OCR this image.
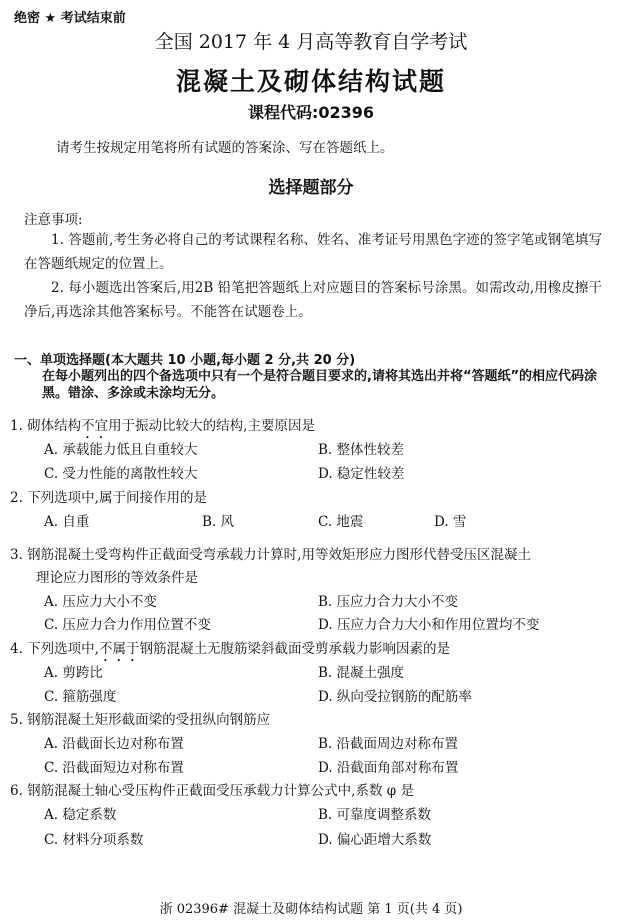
绝密 ★ 考试结束前
全国 2017 年 4 月高等教育自学考试
混凝土及砌体结构试题
课程代码:02396
请考生按规定用笔将所有试题的答案涂、写在答题纸上。
选择题部分
注意事项:
1. 答题前,考生务必将自己的考试课程名称、姓名、准考证号用黑色字迹的签字笔或钢笔填写在答题纸规定的位置上。
2. 每小题选出答案后,用2B 铅笔把答题纸上对应题目的答案标号涂黑。如需改动,用橡皮擦干净后,再选涂其他答案标号。不能答在试题卷上。
一、单项选择题(本大题共 10 小题,每小题 2 分,共 20 分)
在每小题列出的四个备选项中只有一个是符合题目要求的,请将其选出并将“答题纸”的相应代码涂黑。错涂、多涂或未涂均无分。
1. 砌体结构不宜用于振动比较大的结构,主要原因是
A. 承载能力低且自重较大	B. 整体性较差
C. 受力性能的离散性较大	D. 稳定性较差
2. 下列选项中,属于间接作用的是
A. 自重	B. 风	C. 地震	D. 雪
3. 钢筋混凝土受弯构件正截面受弯承载力计算时,用等效矩形应力图形代替受压区混凝土
理论应力图形的等效条件是
A. 压应力大小不变	B. 压应力合力大小不变
C. 压应力合力作用位置不变	D. 压应力合力大小和作用位置均不变
4. 下列选项中,不属于钢筋混凝土无腹筋梁斜截面受剪承载力影响因素的是
A. 剪跨比	B. 混凝土强度
C. 箍筋强度	D. 纵向受拉钢筋的配筋率
5. 钢筋混凝土矩形截面梁的受扭纵向钢筋应
A. 沿截面长边对称布置	B. 沿截面周边对称布置
C. 沿截面短边对称布置	D. 沿截面角部对称布置
6. 钢筋混凝土轴心受压构件正截面受压承载力计算公式中,系数 φ 是
A. 稳定系数	B. 可靠度调整系数
C. 材料分项系数	D. 偏心距增大系数
浙 02396# 混凝土及砌体结构试题 第 1 页(共 4 页)
